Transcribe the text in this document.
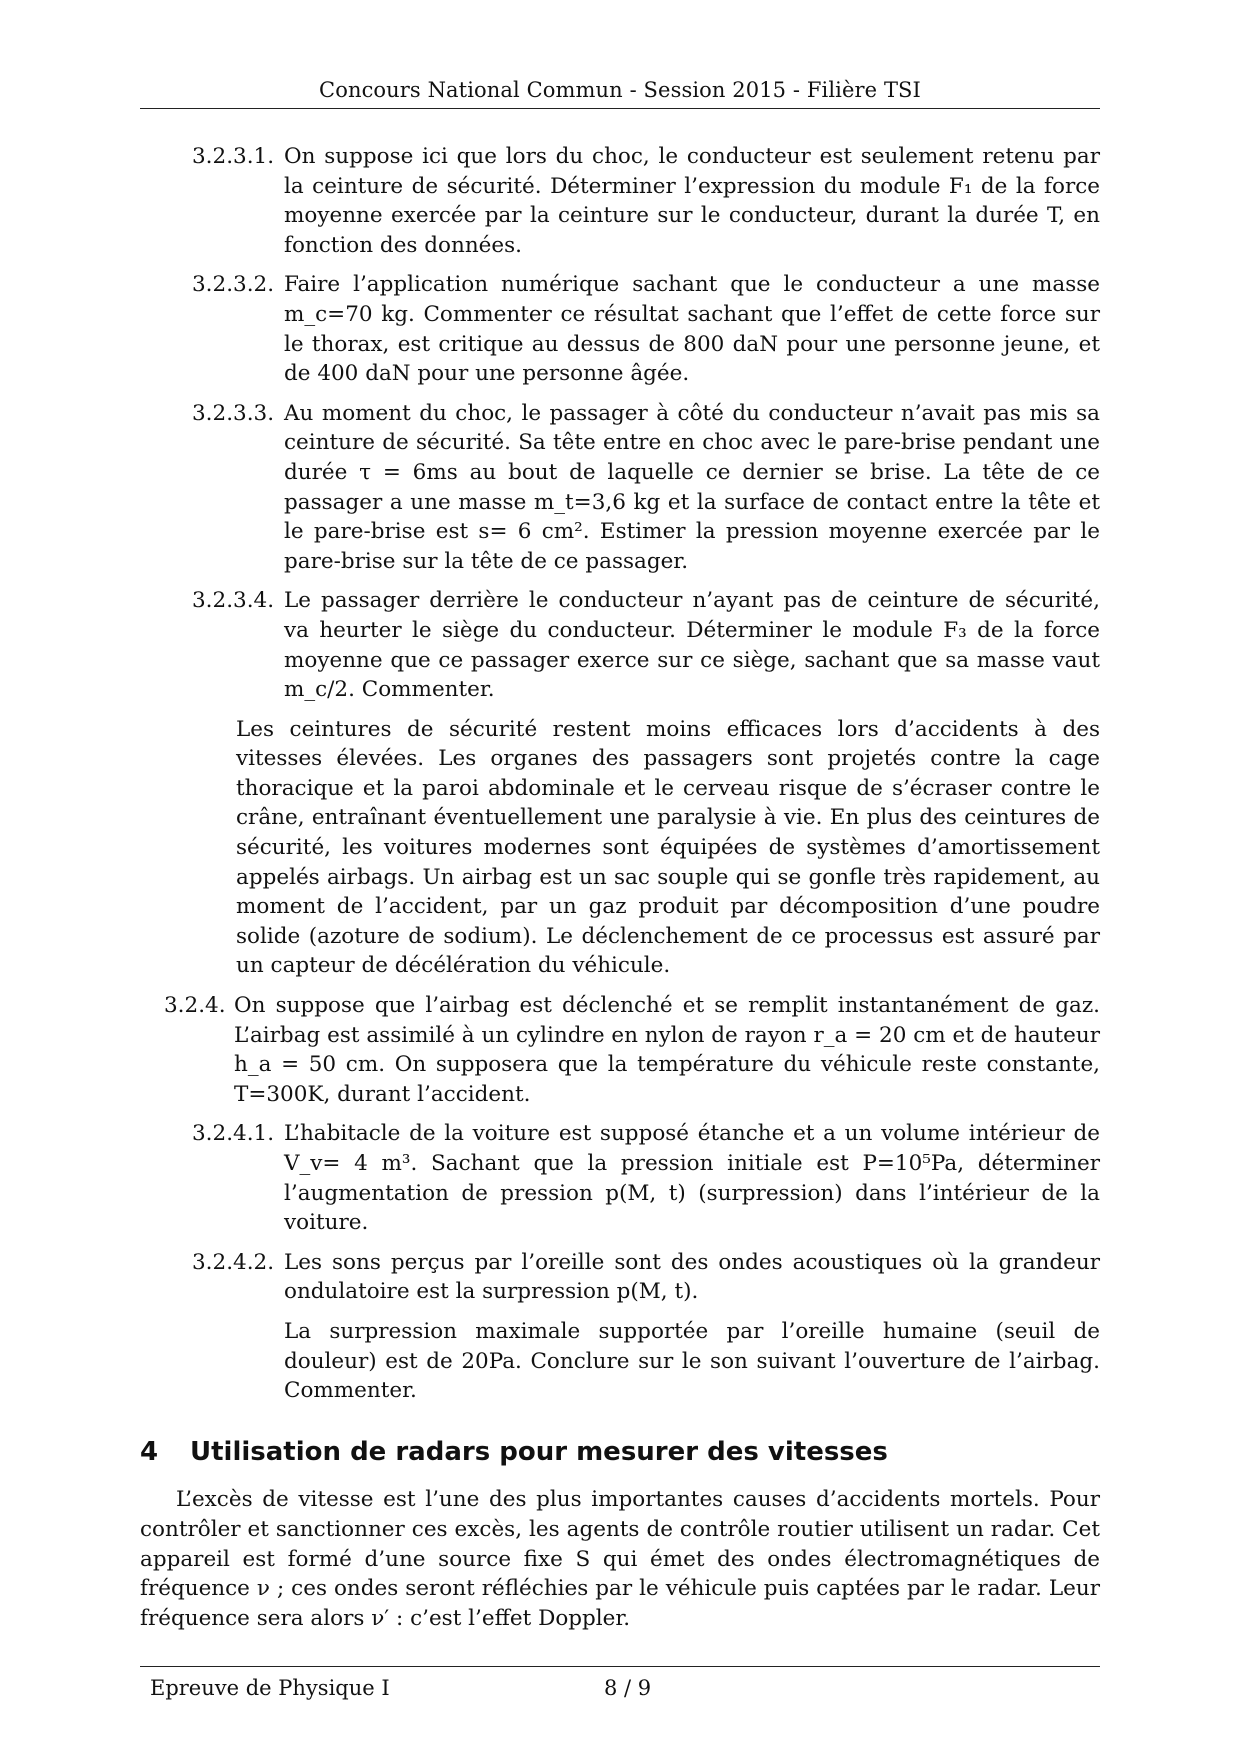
Concours National Commun - Session 2015 - Filière TSI
3.2.3.1. On suppose ici que lors du choc, le conducteur est seulement retenu par la ceinture de sécurité. Déterminer l’expression du module F₁ de la force moyenne exercée par la ceinture sur le conducteur, durant la durée T, en fonction des données.

3.2.3.2. Faire l’application numérique sachant que le conducteur a une masse m_c=70 kg. Commenter ce résultat sachant que l’effet de cette force sur le thorax, est critique au dessus de 800 daN pour une personne jeune, et de 400 daN pour une personne âgée.

3.2.3.3. Au moment du choc, le passager à côté du conducteur n’avait pas mis sa ceinture de sécurité. Sa tête entre en choc avec le pare-brise pendant une durée τ = 6ms au bout de laquelle ce dernier se brise. La tête de ce passager a une masse m_t=3,6 kg et la surface de contact entre la tête et le pare-brise est s= 6 cm². Estimer la pression moyenne exercée par le pare-brise sur la tête de ce passager.

3.2.3.4. Le passager derrière le conducteur n’ayant pas de ceinture de sécurité, va heurter le siège du conducteur. Déterminer le module F₃ de la force moyenne que ce passager exerce sur ce siège, sachant que sa masse vaut m_c/2. Commenter.

Les ceintures de sécurité restent moins efficaces lors d’accidents à des vitesses élevées. Les organes des passagers sont projetés contre la cage thoracique et la paroi abdominale et le cerveau risque de s’écraser contre le crâne, entraînant éventuellement une paralysie à vie. En plus des ceintures de sécurité, les voitures modernes sont équipées de systèmes d’amortissement appelés airbags. Un airbag est un sac souple qui se gonfle très rapidement, au moment de l’accident, par un gaz produit par décomposition d’une poudre solide (azoture de sodium). Le déclenchement de ce processus est assuré par un capteur de décélération du véhicule.
3.2.4. On suppose que l’airbag est déclenché et se remplit instantanément de gaz. L’airbag est assimilé à un cylindre en nylon de rayon r_a = 20 cm et de hauteur h_a = 50 cm. On supposera que la température du véhicule reste constante, T=300K, durant l’accident.

3.2.4.1. L’habitacle de la voiture est supposé étanche et a un volume intérieur de V_v= 4 m³. Sachant que la pression initiale est P=10⁵Pa, déterminer l’augmentation de pression p(M, t) (surpression) dans l’intérieur de la voiture.

3.2.4.2. Les sons perçus par l’oreille sont des ondes acoustiques où la grandeur ondulatoire est la surpression p(M, t).

La surpression maximale supportée par l’oreille humaine (seuil de douleur) est de 20Pa. Conclure sur le son suivant l’ouverture de l’airbag. Commenter.

4	Utilisation de radars pour mesurer des vitesses
L’excès de vitesse est l’une des plus importantes causes d’accidents mortels. Pour contrôler et sanctionner ces excès, les agents de contrôle routier utilisent un radar. Cet appareil est formé d’une source fixe S qui émet des ondes électromagnétiques de fréquence ν ; ces ondes seront réfléchies par le véhicule puis captées par le radar. Leur fréquence sera alors ν′ : c’est l’effet Doppler.
Epreuve de Physique I	8 / 9
